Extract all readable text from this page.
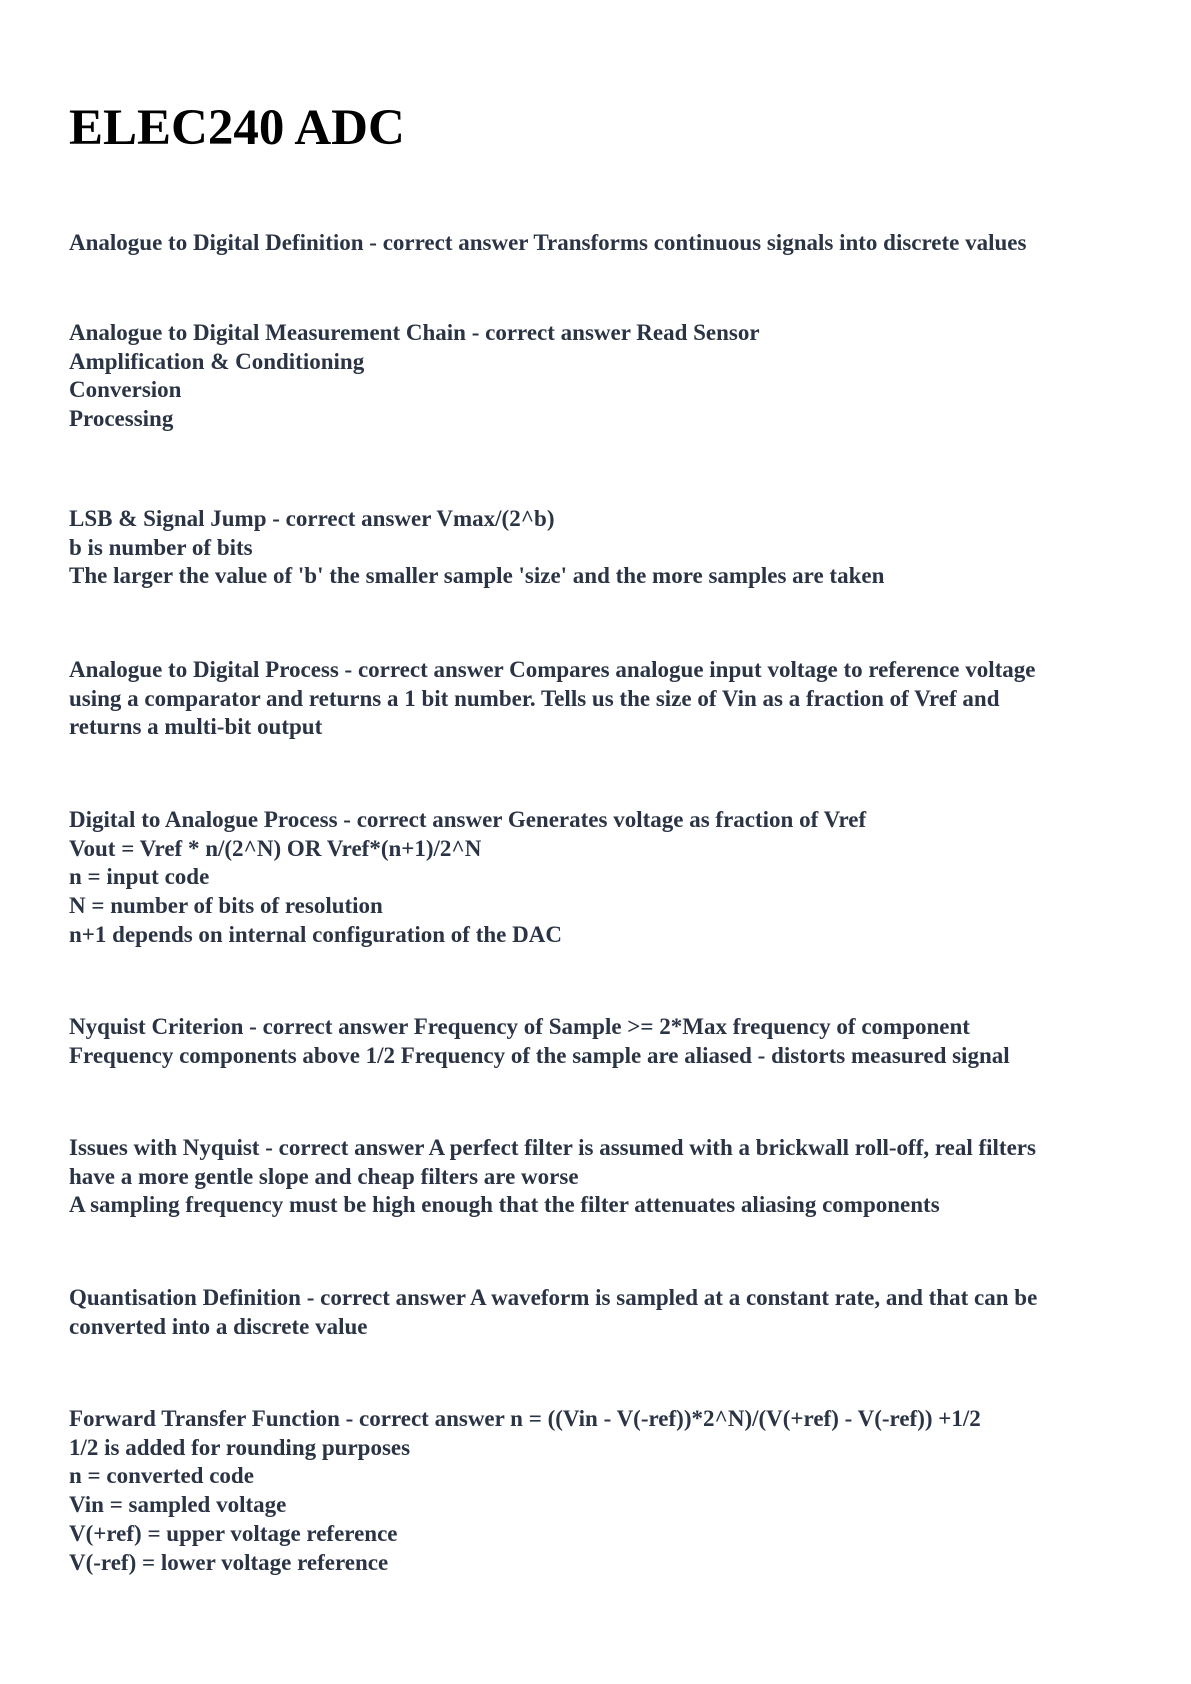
ELEC240 ADC
Analogue to Digital Definition - correct answer Transforms continuous signals into discrete values
Analogue to Digital Measurement Chain - correct answer Read Sensor
Amplification & Conditioning
Conversion
Processing
LSB & Signal Jump - correct answer Vmax/(2^b)
b is number of bits
The larger the value of 'b' the smaller sample 'size' and the more samples are taken
Analogue to Digital Process - correct answer Compares analogue input voltage to reference voltage
using a comparator and returns a 1 bit number. Tells us the size of Vin as a fraction of Vref and
returns a multi-bit output
Digital to Analogue Process - correct answer Generates voltage as fraction of Vref
Vout = Vref * n/(2^N) OR Vref*(n+1)/2^N
n = input code
N = number of bits of resolution
n+1 depends on internal configuration of the DAC
Nyquist Criterion - correct answer Frequency of Sample >= 2*Max frequency of component
Frequency components above 1/2 Frequency of the sample are aliased - distorts measured signal
Issues with Nyquist - correct answer A perfect filter is assumed with a brickwall roll-off, real filters
have a more gentle slope and cheap filters are worse
A sampling frequency must be high enough that the filter attenuates aliasing components
Quantisation Definition - correct answer A waveform is sampled at a constant rate, and that can be
converted into a discrete value
Forward Transfer Function - correct answer n = ((Vin - V(-ref))*2^N)/(V(+ref) - V(-ref)) +1/2
1/2 is added for rounding purposes
n = converted code
Vin = sampled voltage
V(+ref) = upper voltage reference
V(-ref) = lower voltage reference
